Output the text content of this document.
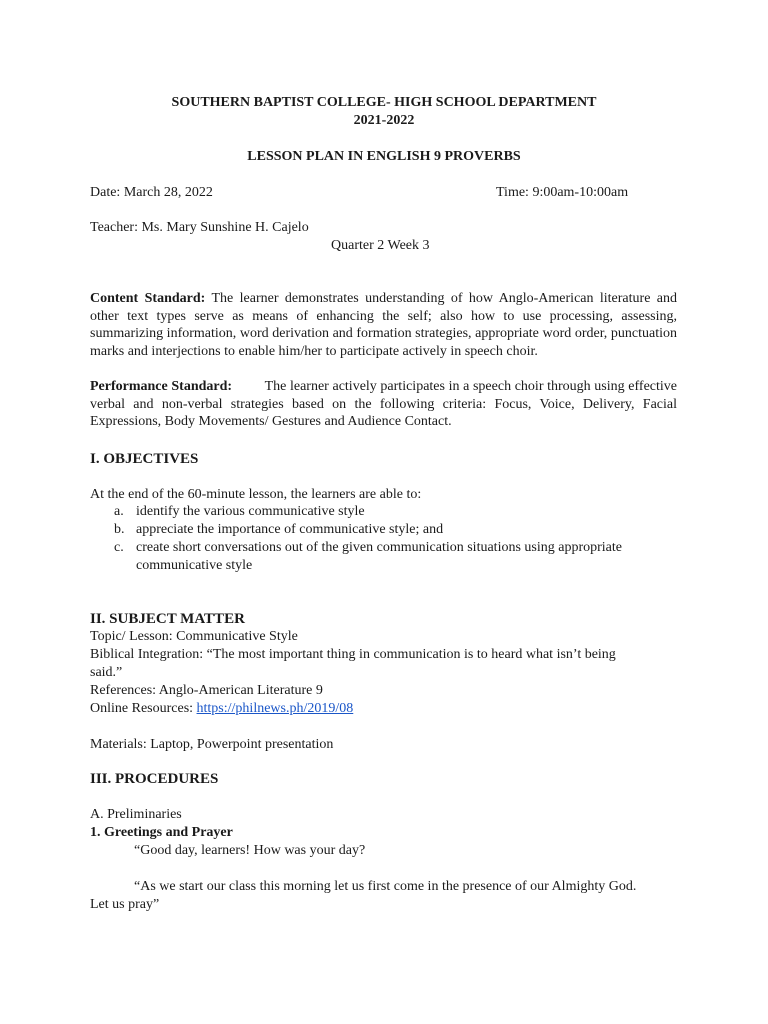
SOUTHERN BAPTIST COLLEGE- HIGH SCHOOL DEPARTMENT
2021-2022
LESSON PLAN IN ENGLISH 9 PROVERBS
Date: March 28, 2022	Time: 9:00am-10:00am
Teacher: Ms. Mary Sunshine H. Cajelo
Quarter 2 Week 3
Content Standard: The learner demonstrates understanding of how Anglo-American literature and other text types serve as means of enhancing the self; also how to use processing, assessing, summarizing information, word derivation and formation strategies, appropriate word order, punctuation marks and interjections to enable him/her to participate actively in speech choir.
Performance Standard: The learner actively participates in a speech choir through using effective verbal and non-verbal strategies based on the following criteria: Focus, Voice, Delivery, Facial Expressions, Body Movements/ Gestures and Audience Contact.
I. OBJECTIVES
At the end of the 60-minute lesson, the learners are able to:
a. identify the various communicative style
b. appreciate the importance of communicative style; and
c. create short conversations out of the given communication situations using appropriate
communicative style
II. SUBJECT MATTER
Topic/ Lesson: Communicative Style
Biblical Integration: “The most important thing in communication is to heard what isn’t being
said.”
References: Anglo-American Literature 9
Online Resources: https://philnews.ph/2019/08
Materials: Laptop, Powerpoint presentation
III. PROCEDURES
A. Preliminaries
1. Greetings and Prayer
“Good day, learners! How was your day?
“As we start our class this morning let us first come in the presence of our Almighty God.
Let us pray”
